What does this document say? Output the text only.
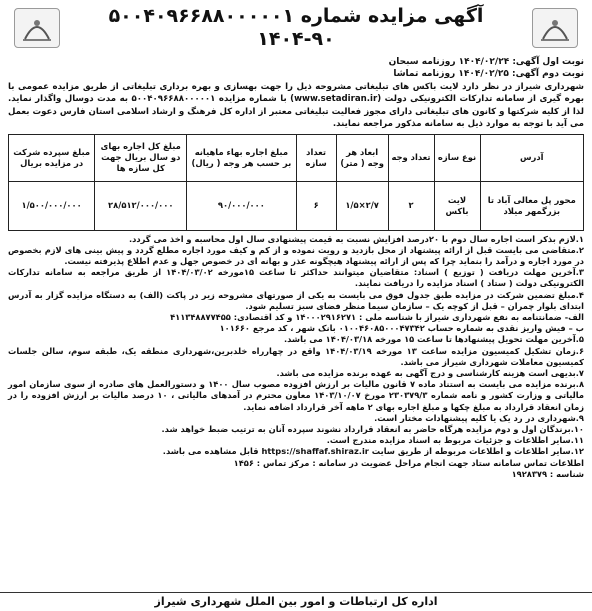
آگهی مزایده شماره ۵۰۰۴۰۹۶۶۸۸۰۰۰۰۰۱
۱۴۰۴-۹۰
نوبت اول آگهی: ۱۴۰۴/۰۲/۲۴ روزنامه سبحان
نوبت دوم آگهی: ۱۴۰۴/۰۲/۲۵ روزنامه تماشا
شهرداری شیراز در نظر دارد لایت باکس های تبلیغاتی مشروحه ذیل را جهت بهسازی و بهره برداری تبلیغاتی از طریق مزایده عمومی با بهره گیری از سامانه تدارکات الکترونیکی دولت (www.setadiran.ir) با شماره مزایده ۵۰۰۴۰۹۶۶۸۸۰۰۰۰۰۱ به مدت دوسال واگذار نماید. لذا از کلیه شرکتها و کانون های تبلیغاتی دارای مجوز فعالیت تبلیغاتی معتبر از اداره کل فرهنگ و ارشاد اسلامی استان فارس دعوت بعمل می آید با توجه به موارد ذیل به سامانه مذکور مراجعه نمایند.
آدرس	نوع سازه	تعداد وجه	ابعاد هر وجه ( متر)	تعداد سازه	مبلغ اجاره بهاء ماهیانه بر حسب هر وجه ( ریال)	مبلغ کل اجاره بهای دو سال بریال جهت کل سازه ها	مبلغ سپرده شرکت در مزایده بریال
محور پل معالی آباد تا بزرگمهر میلاد	لایت باکس	۲	۲/۷×۱/۵	۶	۹۰/۰۰۰/۰۰۰	۲۸/۵۱۲/۰۰۰/۰۰۰	۱/۵۰۰/۰۰۰/۰۰۰
۱.لازم بذکر است اجاره سال دوم با ۲۰درصد افزایش نسبت به قیمت پیشنهادی سال اول محاسبه و اخذ می گردد.
۲.متقاضی می بایست قبل از ارائه پیشنهاد از محل بازدید و رویت نموده و از کم و کیف مورد اجاره مطلع گردد و پیش بینی های لازم بخصوص در مورد اجاره و درآمد را بنماید چرا که پس از ارائه پیشنهاد هیچگونه عذر و بهانه ای در خصوص جهل و عدم اطلاع پذیرفته نیست.
۳.آخرین مهلت دریافت ( توزیع ) اسناد: متقاضیان میتوانند حداکثر تا ساعت ۱۵مورخه ۱۴۰۴/۰۳/۰۲ از طریق مراجعه به سامانه تدارکات الکترونیکی دولت ( ستاد ) اسناد مزایده را دریافت نمایند.
۴.مبلغ تضمین شرکت در مزایده طبق جدول فوق می بایست به یکی از صورتهای مشروحه زیر در پاکت (الف) به دستگاه مزایده گزار به آدرس ابتدای بلوار چمران – قبل از کوچه یک – سازمان سیما منظر فضای سبز تسلیم شود.
الف- ضمانتنامه به نفع شهرداری شیراز با شناسه ملی : ۱۴۰۰۰۲۹۱۶۲۷۱ و کد اقتصادی: ۴۱۱۳۴۸۸۷۷۴۵۵
ب – فیش واریز نقدی به شماره حساب ۰۱۰۰۴۶۰۸۵۰۰۰۴۷۳۴۲ بانک شهر ، کد مرجع ۱۰۱۶۶۰
۵.آخرین مهلت تحویل پیشنهادها تا ساعت ۱۵ مورخه ۱۴۰۴/۰۳/۱۸ می باشد.
۶.زمان تشکیل کمیسیون مزایده ساعت ۱۳ مورخه ۱۴۰۴/۰۳/۱۹ واقع در چهارراه خلدبرین،شهرداری منطقه یک، طبقه سوم، سالن جلسات کمیسیون معاملات شهرداری شیراز می باشد.
۷.بدیهی است هزینه کارشناسی و درج آگهی به عهده برنده مزایده می باشد.
۸.برنده مزایده می بایست به استناد ماده ۷ قانون مالیات بر ارزش افزوده مصوب سال ۱۴۰۰ و دستورالعمل های صادره از سوی سازمان امور مالیاتی و وزارت کشور و نامه شماره ۲۳۰۳۷۹/۳ مورخ ۱۴۰۳/۱۰/۰۷ معاون محترم در آمدهای مالیاتی ، ۱۰ درصد مالیات بر ارزش افزوده را در زمان انعقاد قرارداد به مبلغ چکها و مبلغ اجاره بهای ۲ ماهه آخر قرارداد اضافه نماید.
۹.شهرداری در رد یک یا کلیه پیشنهادات مختار است.
۱۰.برندگان اول و دوم مزایده هرگاه حاضر به انعقاد قرارداد نشوند سپرده آنان به ترتیب ضبط خواهد شد.
۱۱.سایر اطلاعات و جزئیات مربوط به اسناد مزایده مندرج است.
۱۲.سایر اطلاعات و اطلاعات مربوطه از طریق سایت https://shaffaf.shiraz.ir قابل مشاهده می باشد.
اطلاعات تماس سامانه ستاد جهت انجام مراحل عضویت در سامانه : مرکز تماس : ۱۴۵۶
شناسه : ۱۹۲۸۳۷۹
اداره کل ارتباطات و امور بین الملل شهرداری شیراز
